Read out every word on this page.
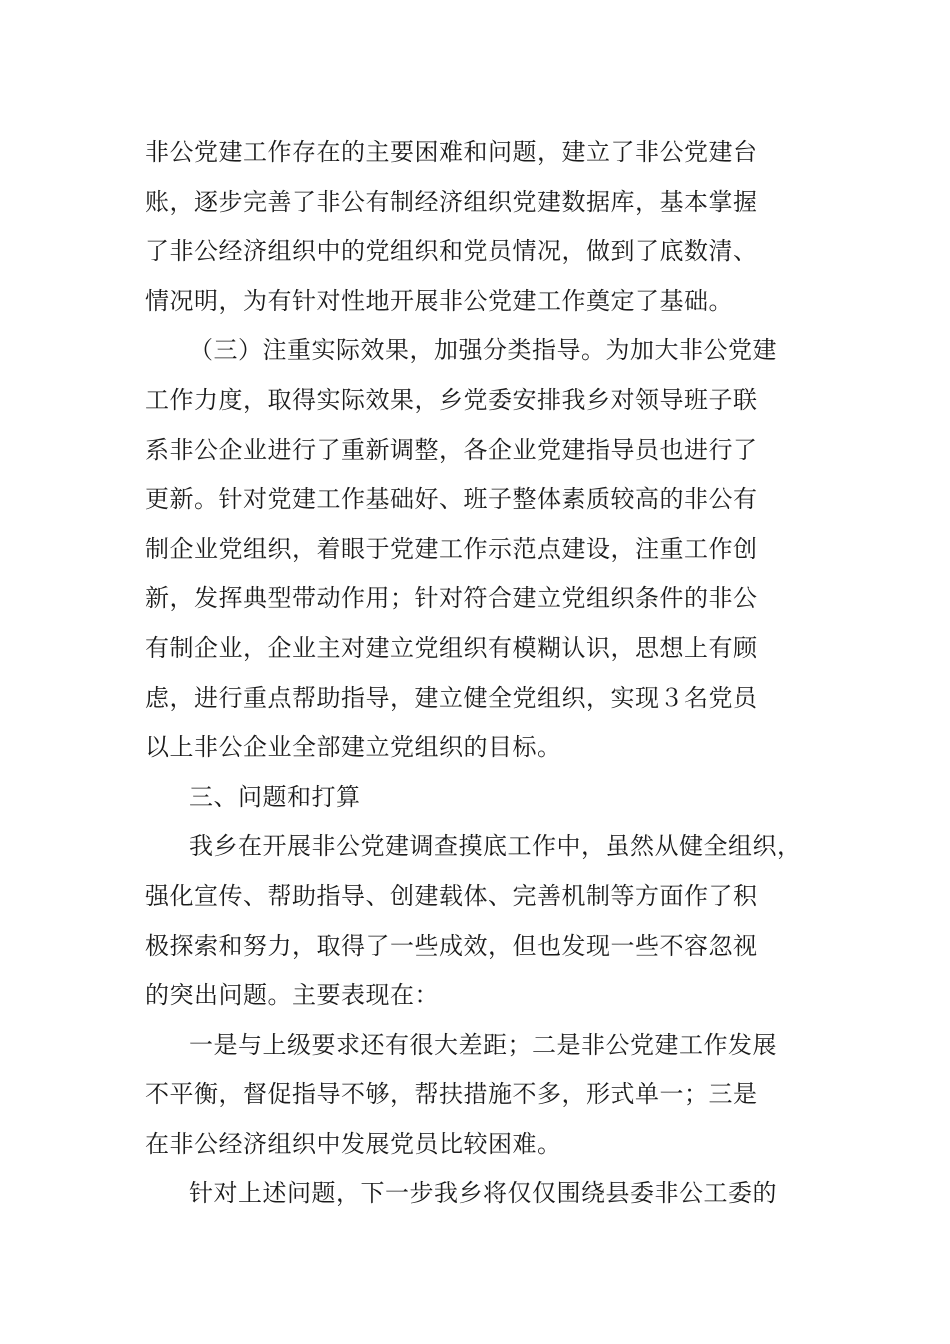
非公党建工作存在的主要困难和问题，建立了非公党建台
账，逐步完善了非公有制经济组织党建数据库，基本掌握
了非公经济组织中的党组织和党员情况，做到了底数清、
情况明，为有针对性地开展非公党建工作奠定了基础。
（三）注重实际效果，加强分类指导。为加大非公党建
工作力度，取得实际效果，乡党委安排我乡对领导班子联
系非公企业进行了重新调整，各企业党建指导员也进行了
更新。针对党建工作基础好、班子整体素质较高的非公有
制企业党组织，着眼于党建工作示范点建设，注重工作创
新，发挥典型带动作用；针对符合建立党组织条件的非公
有制企业，企业主对建立党组织有模糊认识，思想上有顾
虑，进行重点帮助指导，建立健全党组织，实现３名党员
以上非公企业全部建立党组织的目标。
三、问题和打算
我乡在开展非公党建调查摸底工作中，虽然从健全组织，
强化宣传、帮助指导、创建载体、完善机制等方面作了积
极探索和努力，取得了一些成效，但也发现一些不容忽视
的突出问题。主要表现在：
一是与上级要求还有很大差距；二是非公党建工作发展
不平衡，督促指导不够，帮扶措施不多，形式单一；三是
在非公经济组织中发展党员比较困难。
针对上述问题，下一步我乡将仅仅围绕县委非公工委的
